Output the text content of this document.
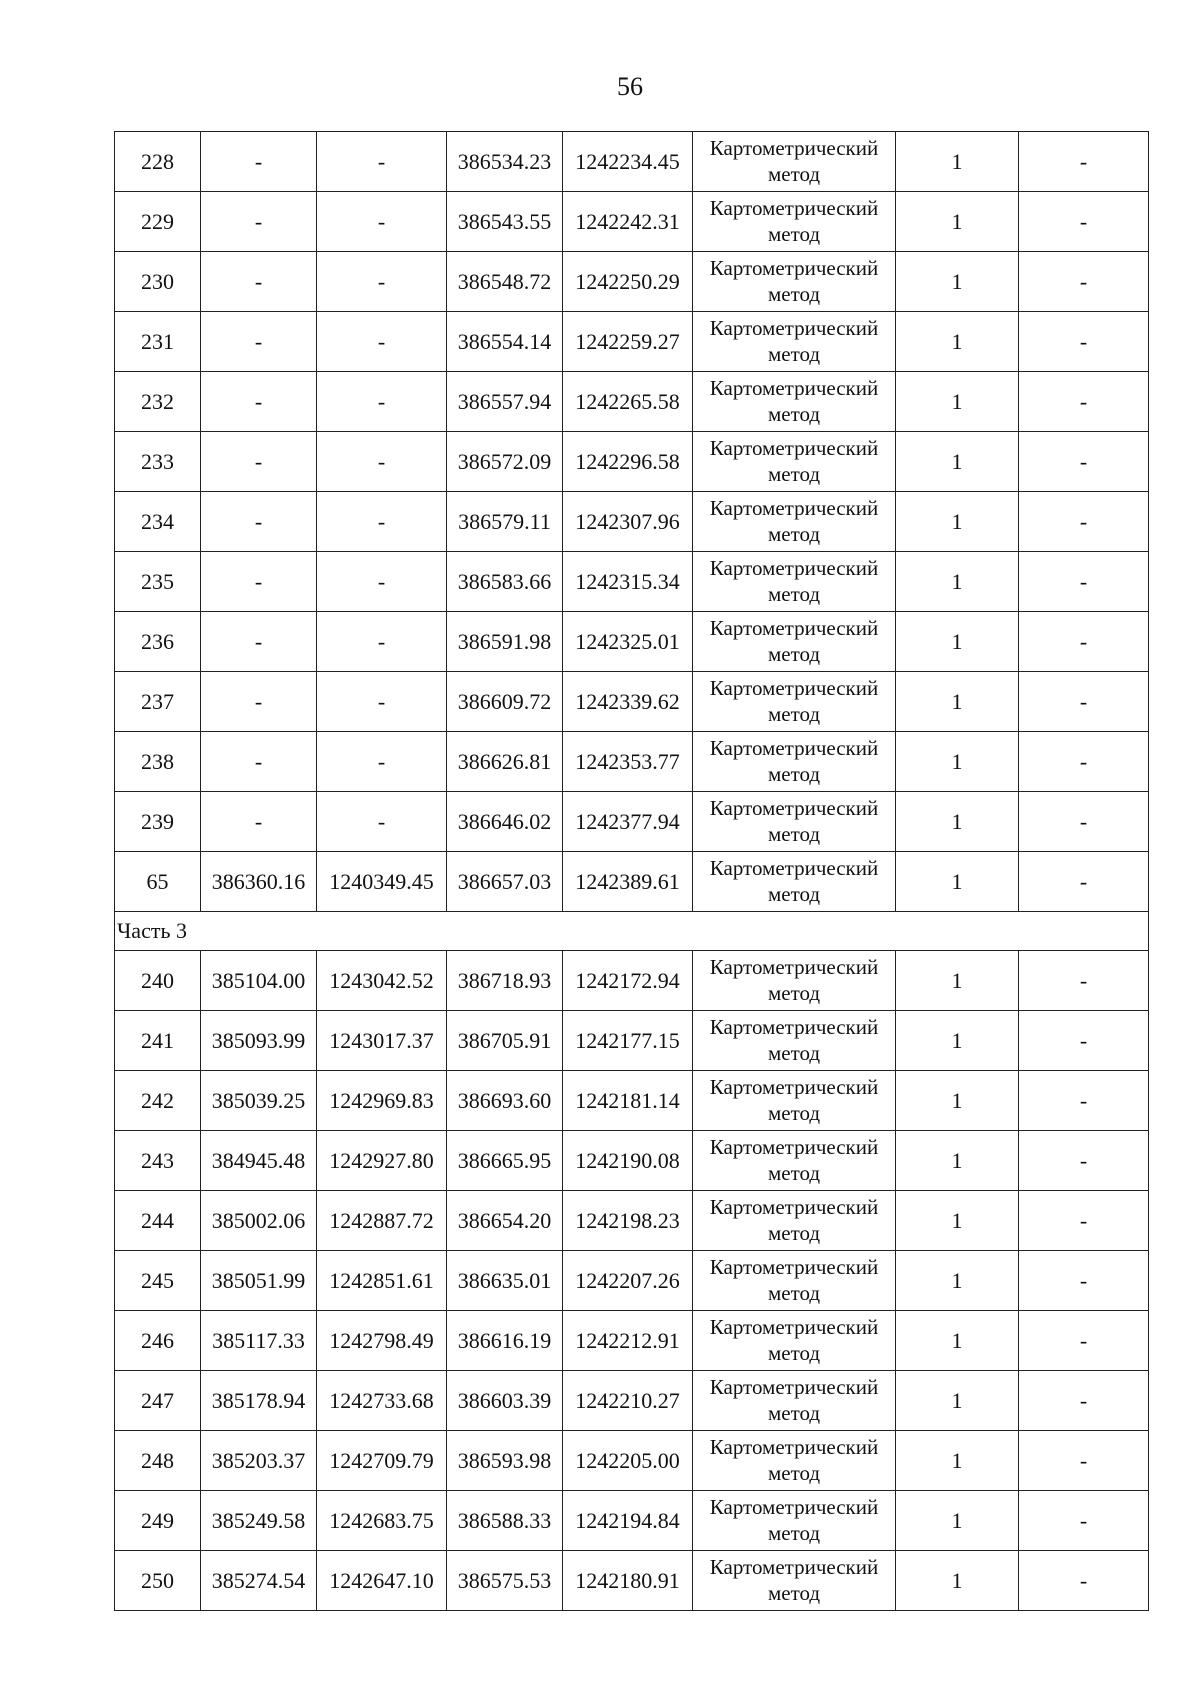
56
228	-	-	386534.23	1242234.45	Картометрический метод	1	-
229	-	-	386543.55	1242242.31	Картометрический метод	1	-
230	-	-	386548.72	1242250.29	Картометрический метод	1	-
231	-	-	386554.14	1242259.27	Картометрический метод	1	-
232	-	-	386557.94	1242265.58	Картометрический метод	1	-
233	-	-	386572.09	1242296.58	Картометрический метод	1	-
234	-	-	386579.11	1242307.96	Картометрический метод	1	-
235	-	-	386583.66	1242315.34	Картометрический метод	1	-
236	-	-	386591.98	1242325.01	Картометрический метод	1	-
237	-	-	386609.72	1242339.62	Картометрический метод	1	-
238	-	-	386626.81	1242353.77	Картометрический метод	1	-
239	-	-	386646.02	1242377.94	Картометрический метод	1	-
65	386360.16	1240349.45	386657.03	1242389.61	Картометрический метод	1	-
Часть 3							
240	385104.00	1243042.52	386718.93	1242172.94	Картометрический метод	1	-
241	385093.99	1243017.37	386705.91	1242177.15	Картометрический метод	1	-
242	385039.25	1242969.83	386693.60	1242181.14	Картометрический метод	1	-
243	384945.48	1242927.80	386665.95	1242190.08	Картометрический метод	1	-
244	385002.06	1242887.72	386654.20	1242198.23	Картометрический метод	1	-
245	385051.99	1242851.61	386635.01	1242207.26	Картометрический метод	1	-
246	385117.33	1242798.49	386616.19	1242212.91	Картометрический метод	1	-
247	385178.94	1242733.68	386603.39	1242210.27	Картометрический метод	1	-
248	385203.37	1242709.79	386593.98	1242205.00	Картометрический метод	1	-
249	385249.58	1242683.75	386588.33	1242194.84	Картометрический метод	1	-
250	385274.54	1242647.10	386575.53	1242180.91	Картометрический метод	1	-
